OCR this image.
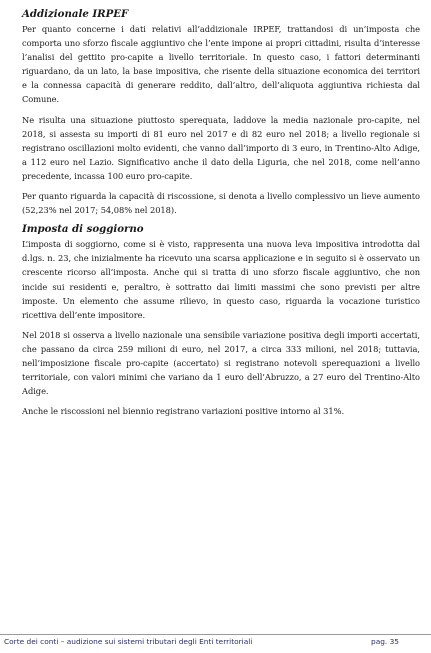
Addizionale IRPEF

Per quanto concerne i dati relativi all’addizionale IRPEF, trattandosi di un’imposta che comporta uno sforzo fiscale aggiuntivo che l’ente impone ai propri cittadini, risulta d’interesse l’analisi del gettito pro-capite a livello territoriale. In questo caso, i fattori determinanti riguardano, da un lato, la base impositiva, che risente della situazione economica dei territori e la connessa capacità di generare reddito, dall’altro, dell’aliquota aggiuntiva richiesta dal Comune.

Ne risulta una situazione piuttosto sperequata, laddove la media nazionale pro-capite, nel 2018, si assesta su importi di 81 euro nel 2017 e di 82 euro nel 2018; a livello regionale si registrano oscillazioni molto evidenti, che vanno dall’importo di 3 euro, in Trentino-Alto Adige, a 112 euro nel Lazio. Significativo anche il dato della Liguria, che nel 2018, come nell’anno precedente, incassa 100 euro pro-capite.

Per quanto riguarda la capacità di riscossione, si denota a livello complessivo un lieve aumento (52,23% nel 2017; 54,08% nel 2018).

Imposta di soggiorno

L’imposta di soggiorno, come si è visto, rappresenta una nuova leva impositiva introdotta dal d.lgs. n. 23, che inizialmente ha ricevuto una scarsa applicazione e in seguito si è osservato un crescente ricorso all’imposta. Anche qui si tratta di uno sforzo fiscale aggiuntivo, che non incide sui residenti e, peraltro, è sottratto dai limiti massimi che sono previsti per altre imposte. Un elemento che assume rilievo, in questo caso, riguarda la vocazione turistico ricettiva dell’ente impositore.

Nel 2018 si osserva a livello nazionale una sensibile variazione positiva degli importi accertati, che passano da circa 259 milioni di euro, nel 2017, a circa 333 milioni, nel 2018; tuttavia, nell’imposizione fiscale pro-capite (accertato) si registrano notevoli sperequazioni a livello territoriale, con valori minimi che variano da 1 euro dell’Abruzzo, a 27 euro del Trentino-Alto Adige.

Anche le riscossioni nel biennio registrano variazioni positive intorno al 31%.

Corte dei conti – audizione sui sistemi tributari degli Enti territoriali	pag. 35
